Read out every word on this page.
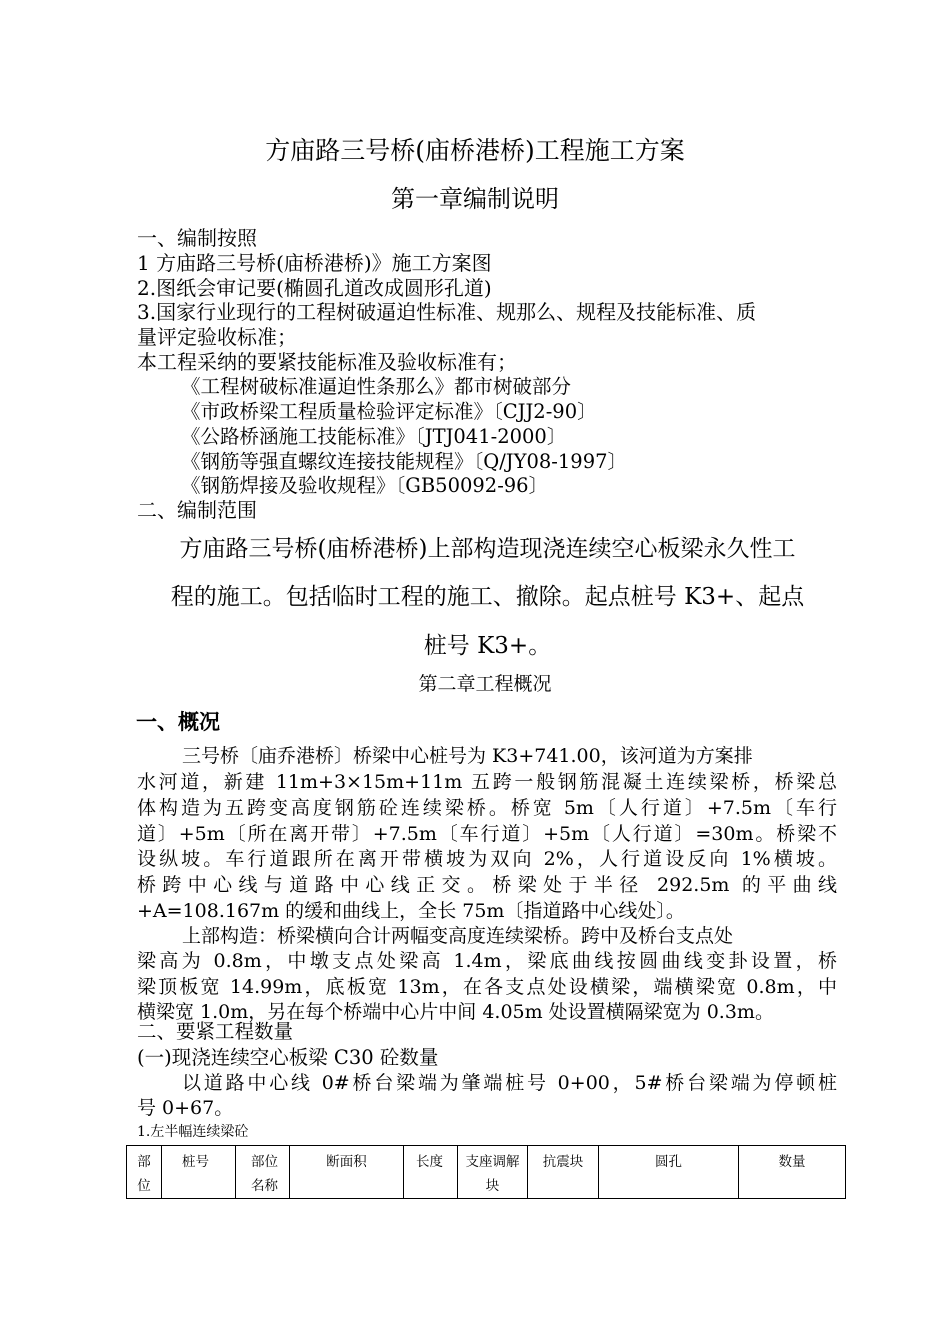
方庙路三号桥(庙桥港桥)工程施工方案
第一章编制说明
一、编制按照
1 方庙路三号桥(庙桥港桥)》施工方案图
2.图纸会审记要(椭圆孔道改成圆形孔道)
3.国家行业现行的工程树破逼迫性标准、规那么、规程及技能标准、质
量评定验收标准；
本工程采纳的要紧技能标准及验收标准有；
《工程树破标准逼迫性条那么》都市树破部分
《市政桥梁工程质量检验评定标准》〔CJJ2-90〕
《公路桥涵施工技能标准》〔JTJ041-2000〕
《钢筋等强直螺纹连接技能规程》〔Q/JY08-1997〕
《钢筋焊接及验收规程》〔GB50092-96〕
二、编制范围
方庙路三号桥(庙桥港桥)上部构造现浇连续空心板梁永久性工
程的施工。包括临时工程的施工、撤除。起点桩号 K3+、起点
桩号 K3+。
第二章工程概况
一、概况
三号桥〔庙乔港桥〕桥梁中心桩号为 K3+741.00，该河道为方案排
水河道，新建 11m+3×15m+11m 五跨一般钢筋混凝土连续梁桥，桥梁总
体构造为五跨变高度钢筋砼连续梁桥。桥宽 5m〔人行道〕+7.5m〔车行
道〕+5m〔所在离开带〕+7.5m〔车行道〕+5m〔人行道〕=30m。桥梁不
设纵坡。车行道跟所在离开带横坡为双向 2%，人行道设反向 1%横坡。
桥跨中心线与道路中心线正交。桥梁处于半径 292.5m 的平曲线
+A=108.167m 的缓和曲线上，全长 75m〔指道路中心线处〕。
上部构造：桥梁横向合计两幅变高度连续梁桥。跨中及桥台支点处
梁高为 0.8m，中墩支点处梁高 1.4m，梁底曲线按圆曲线变卦设置，桥
梁顶板宽 14.99m，底板宽 13m，在各支点处设横梁，端横梁宽 0.8m，中
横梁宽 1.0m，另在每个桥端中心片中间 4.05m 处设置横隔梁宽为 0.3m。
二、要紧工程数量
(一)现浇连续空心板梁 C30 砼数量
以道路中心线 0#桥台梁端为肇端桩号 0+00，5#桥台梁端为停顿桩
号 0+67。
1.左半幅连续梁砼
部位	桩号	部位名称	断面积	长度	支座调解块	抗震块	圆孔	数量
